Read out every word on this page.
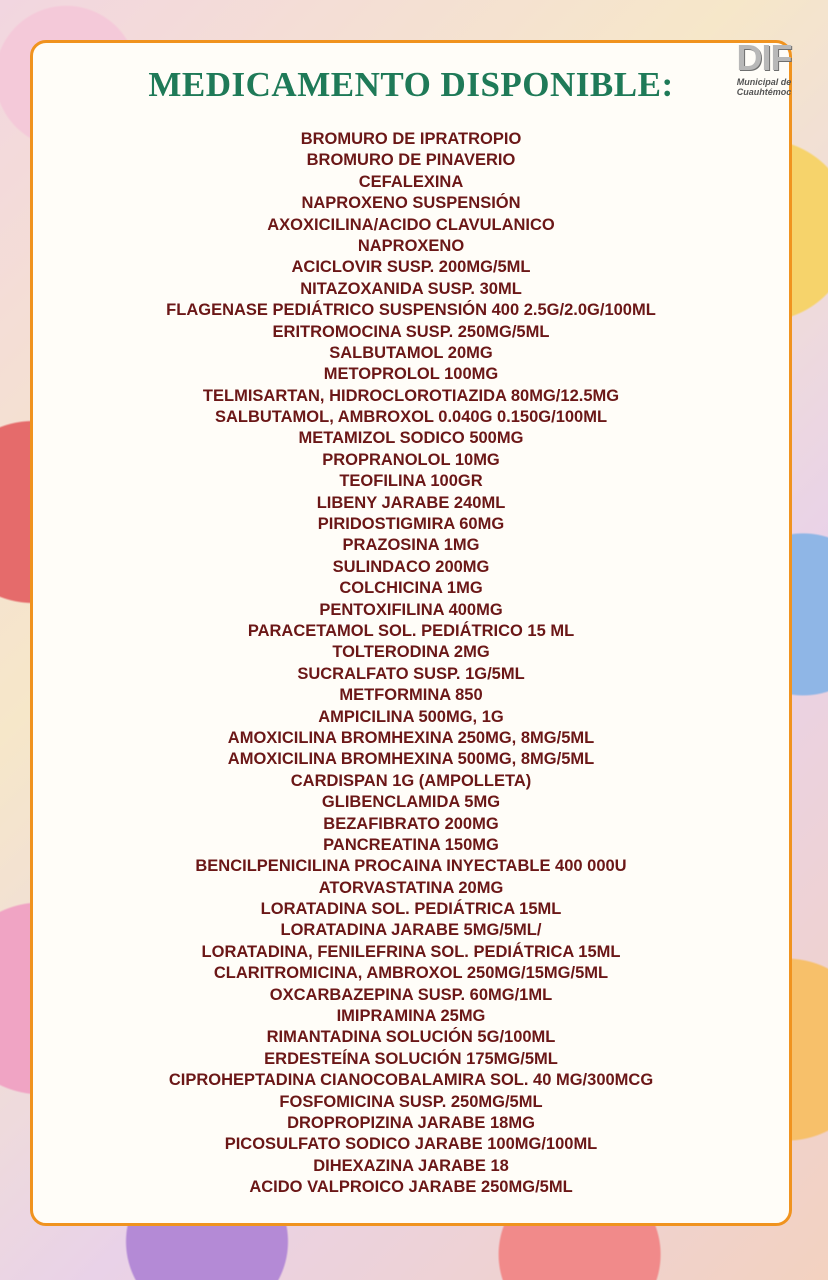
MEDICAMENTO DISPONIBLE:
DIF
Municipal de
Cuauhtémoc
BROMURO DE IPRATROPIO
BROMURO DE PINAVERIO
CEFALEXINA
NAPROXENO SUSPENSIÓN
AXOXICILINA/ACIDO CLAVULANICO
NAPROXENO
ACICLOVIR SUSP. 200MG/5ML
NITAZOXANIDA SUSP. 30ML
FLAGENASE PEDIÁTRICO SUSPENSIÓN 400 2.5G/2.0G/100ML
ERITROMOCINA SUSP. 250MG/5ML
SALBUTAMOL 20MG
METOPROLOL 100MG
TELMISARTAN, HIDROCLOROTIAZIDA 80MG/12.5MG
SALBUTAMOL, AMBROXOL 0.040G 0.150G/100ML
METAMIZOL SODICO 500MG
PROPRANOLOL 10MG
TEOFILINA 100GR
LIBENY JARABE 240ML
PIRIDOSTIGMIRA 60MG
PRAZOSINA 1MG
SULINDACO 200MG
COLCHICINA 1MG
PENTOXIFILINA 400MG
PARACETAMOL SOL. PEDIÁTRICO 15 ML
TOLTERODINA 2MG
SUCRALFATO SUSP. 1G/5ML
METFORMINA 850
AMPICILINA 500MG, 1G
AMOXICILINA BROMHEXINA 250MG, 8MG/5ML
AMOXICILINA BROMHEXINA 500MG, 8MG/5ML
CARDISPAN 1G (AMPOLLETA)
GLIBENCLAMIDA 5MG
BEZAFIBRATO 200MG
PANCREATINA 150MG
BENCILPENICILINA PROCAINA INYECTABLE 400 000U
ATORVASTATINA 20MG
LORATADINA SOL. PEDIÁTRICA 15ML
LORATADINA JARABE 5MG/5ML/
LORATADINA, FENILEFRINA SOL. PEDIÁTRICA 15ML
CLARITROMICINA, AMBROXOL 250MG/15MG/5ML
OXCARBAZEPINA SUSP. 60MG/1ML
IMIPRAMINA 25MG
RIMANTADINA SOLUCIÓN 5G/100ML
ERDESTEÍNA SOLUCIÓN 175MG/5ML
CIPROHEPTADINA CIANOCOBALAMIRA SOL. 40 MG/300MCG
FOSFOMICINA SUSP. 250MG/5ML
DROPROPIZINA JARABE 18MG
PICOSULFATO SODICO JARABE 100MG/100ML
DIHEXAZINA JARABE 18
ACIDO VALPROICO JARABE 250MG/5ML
